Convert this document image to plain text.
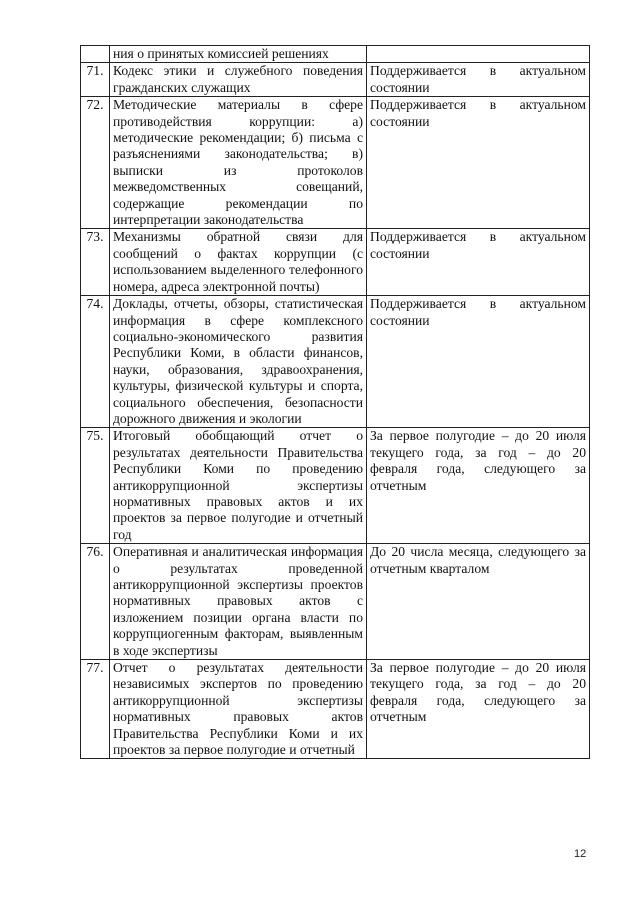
	ния о принятых комиссией решениях	
71.	Кодекс этики и служебного поведения гражданских служащих	Поддерживается в актуальном состоянии
72.	Методические материалы в сфере противодействия коррупции: а) методические рекомендации; б) письма с разъяснениями законодательства; в) выписки из протоколов межведомственных совещаний, содержащие рекомендации по интерпретации законодательства	Поддерживается в актуальном состоянии
73.	Механизмы обратной связи для сообщений о фактах коррупции (с использованием выделенного телефонного номера, адреса электронной почты)	Поддерживается в актуальном состоянии
74.	Доклады, отчеты, обзоры, статистическая информация в сфере комплексного социально-экономического развития Республики Коми, в области финансов, науки, образования, здравоохранения, культуры, физической культуры и спорта, социального обеспечения, безопасности дорожного движения и экологии	Поддерживается в актуальном состоянии
75.	Итоговый обобщающий отчет о результатах деятельности Правительства Республики Коми по проведению антикоррупционной экспертизы нормативных правовых актов и их проектов за первое полугодие и отчетный год	За первое полугодие – до 20 июля текущего года, за год – до 20 февраля года, следующего за отчетным
76.	Оперативная и аналитическая информация о результатах проведенной антикоррупционной экспертизы проектов нормативных правовых актов с изложением позиции органа власти по коррупциогенным факторам, выявленным в ходе экспертизы	До 20 числа месяца, следующего за отчетным кварталом
77.	Отчет о результатах деятельности независимых экспертов по проведению антикоррупционной экспертизы нормативных правовых актов Правительства Республики Коми и их проектов за первое полугодие и отчетный	За первое полугодие – до 20 июля текущего года, за год – до 20 февраля года, следующего за отчетным
12
